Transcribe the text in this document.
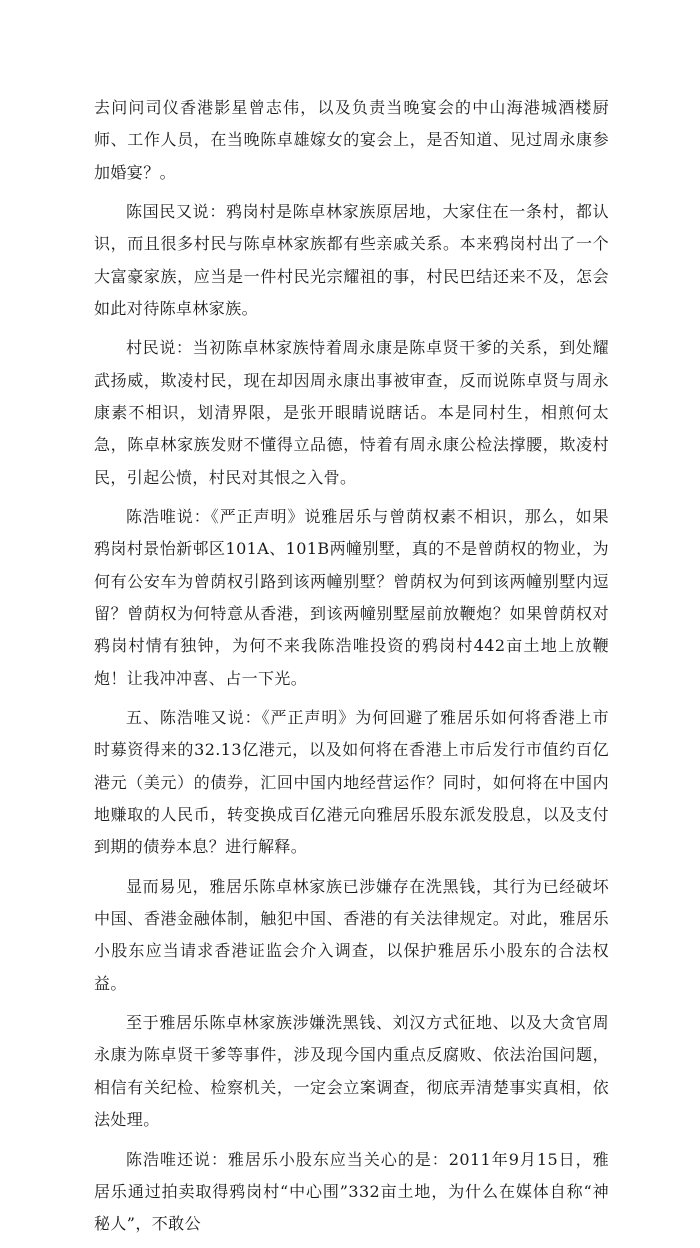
去问问司仪香港影星曾志伟，以及负责当晚宴会的中山海港城酒楼厨师、工作人员，在当晚陈卓雄嫁女的宴会上，是否知道、见过周永康参加婚宴？。

陈国民又说：鸦岗村是陈卓林家族原居地，大家住在一条村，都认识，而且很多村民与陈卓林家族都有些亲戚关系。本来鸦岗村出了一个大富豪家族，应当是一件村民光宗耀祖的事，村民巴结还来不及，怎会如此对待陈卓林家族。

村民说：当初陈卓林家族恃着周永康是陈卓贤干爹的关系，到处耀武扬威，欺凌村民，现在却因周永康出事被审查，反而说陈卓贤与周永康素不相识，划清界限，是张开眼睛说瞎话。本是同村生，相煎何太急，陈卓林家族发财不懂得立品德，恃着有周永康公检法撑腰，欺凌村民，引起公愤，村民对其恨之入骨。

陈浩唯说：《严正声明》说雅居乐与曾荫权素不相识，那么，如果鸦岗村景怡新邨区101A、101B两幢别墅，真的不是曾荫权的物业，为何有公安车为曾荫权引路到该两幢别墅？曾荫权为何到该两幢别墅内逗留？曾荫权为何特意从香港，到该两幢别墅屋前放鞭炮？如果曾荫权对鸦岗村情有独钟，为何不来我陈浩唯投资的鸦岗村442亩土地上放鞭炮！让我冲冲喜、占一下光。

五、陈浩唯又说：《严正声明》为何回避了雅居乐如何将香港上市时募资得来的32.13亿港元，以及如何将在香港上市后发行市值约百亿港元（美元）的债券，汇回中国内地经营运作？同时，如何将在中国内地赚取的人民币，转变换成百亿港元向雅居乐股东派发股息，以及支付到期的债券本息？进行解释。

显而易见，雅居乐陈卓林家族已涉嫌存在洗黑钱，其行为已经破坏中国、香港金融体制，触犯中国、香港的有关法律规定。对此，雅居乐小股东应当请求香港证监会介入调查，以保护雅居乐小股东的合法权益。

至于雅居乐陈卓林家族涉嫌洗黑钱、刘汉方式征地、以及大贪官周永康为陈卓贤干爹等事件，涉及现今国内重点反腐败、依法治国问题，相信有关纪检、检察机关，一定会立案调查，彻底弄清楚事实真相，依法处理。

陈浩唯还说：雅居乐小股东应当关心的是：2011年9月15日，雅居乐通过拍卖取得鸦岗村“中心围”332亩土地，为什么在媒体自称“神秘人”，不敢公
